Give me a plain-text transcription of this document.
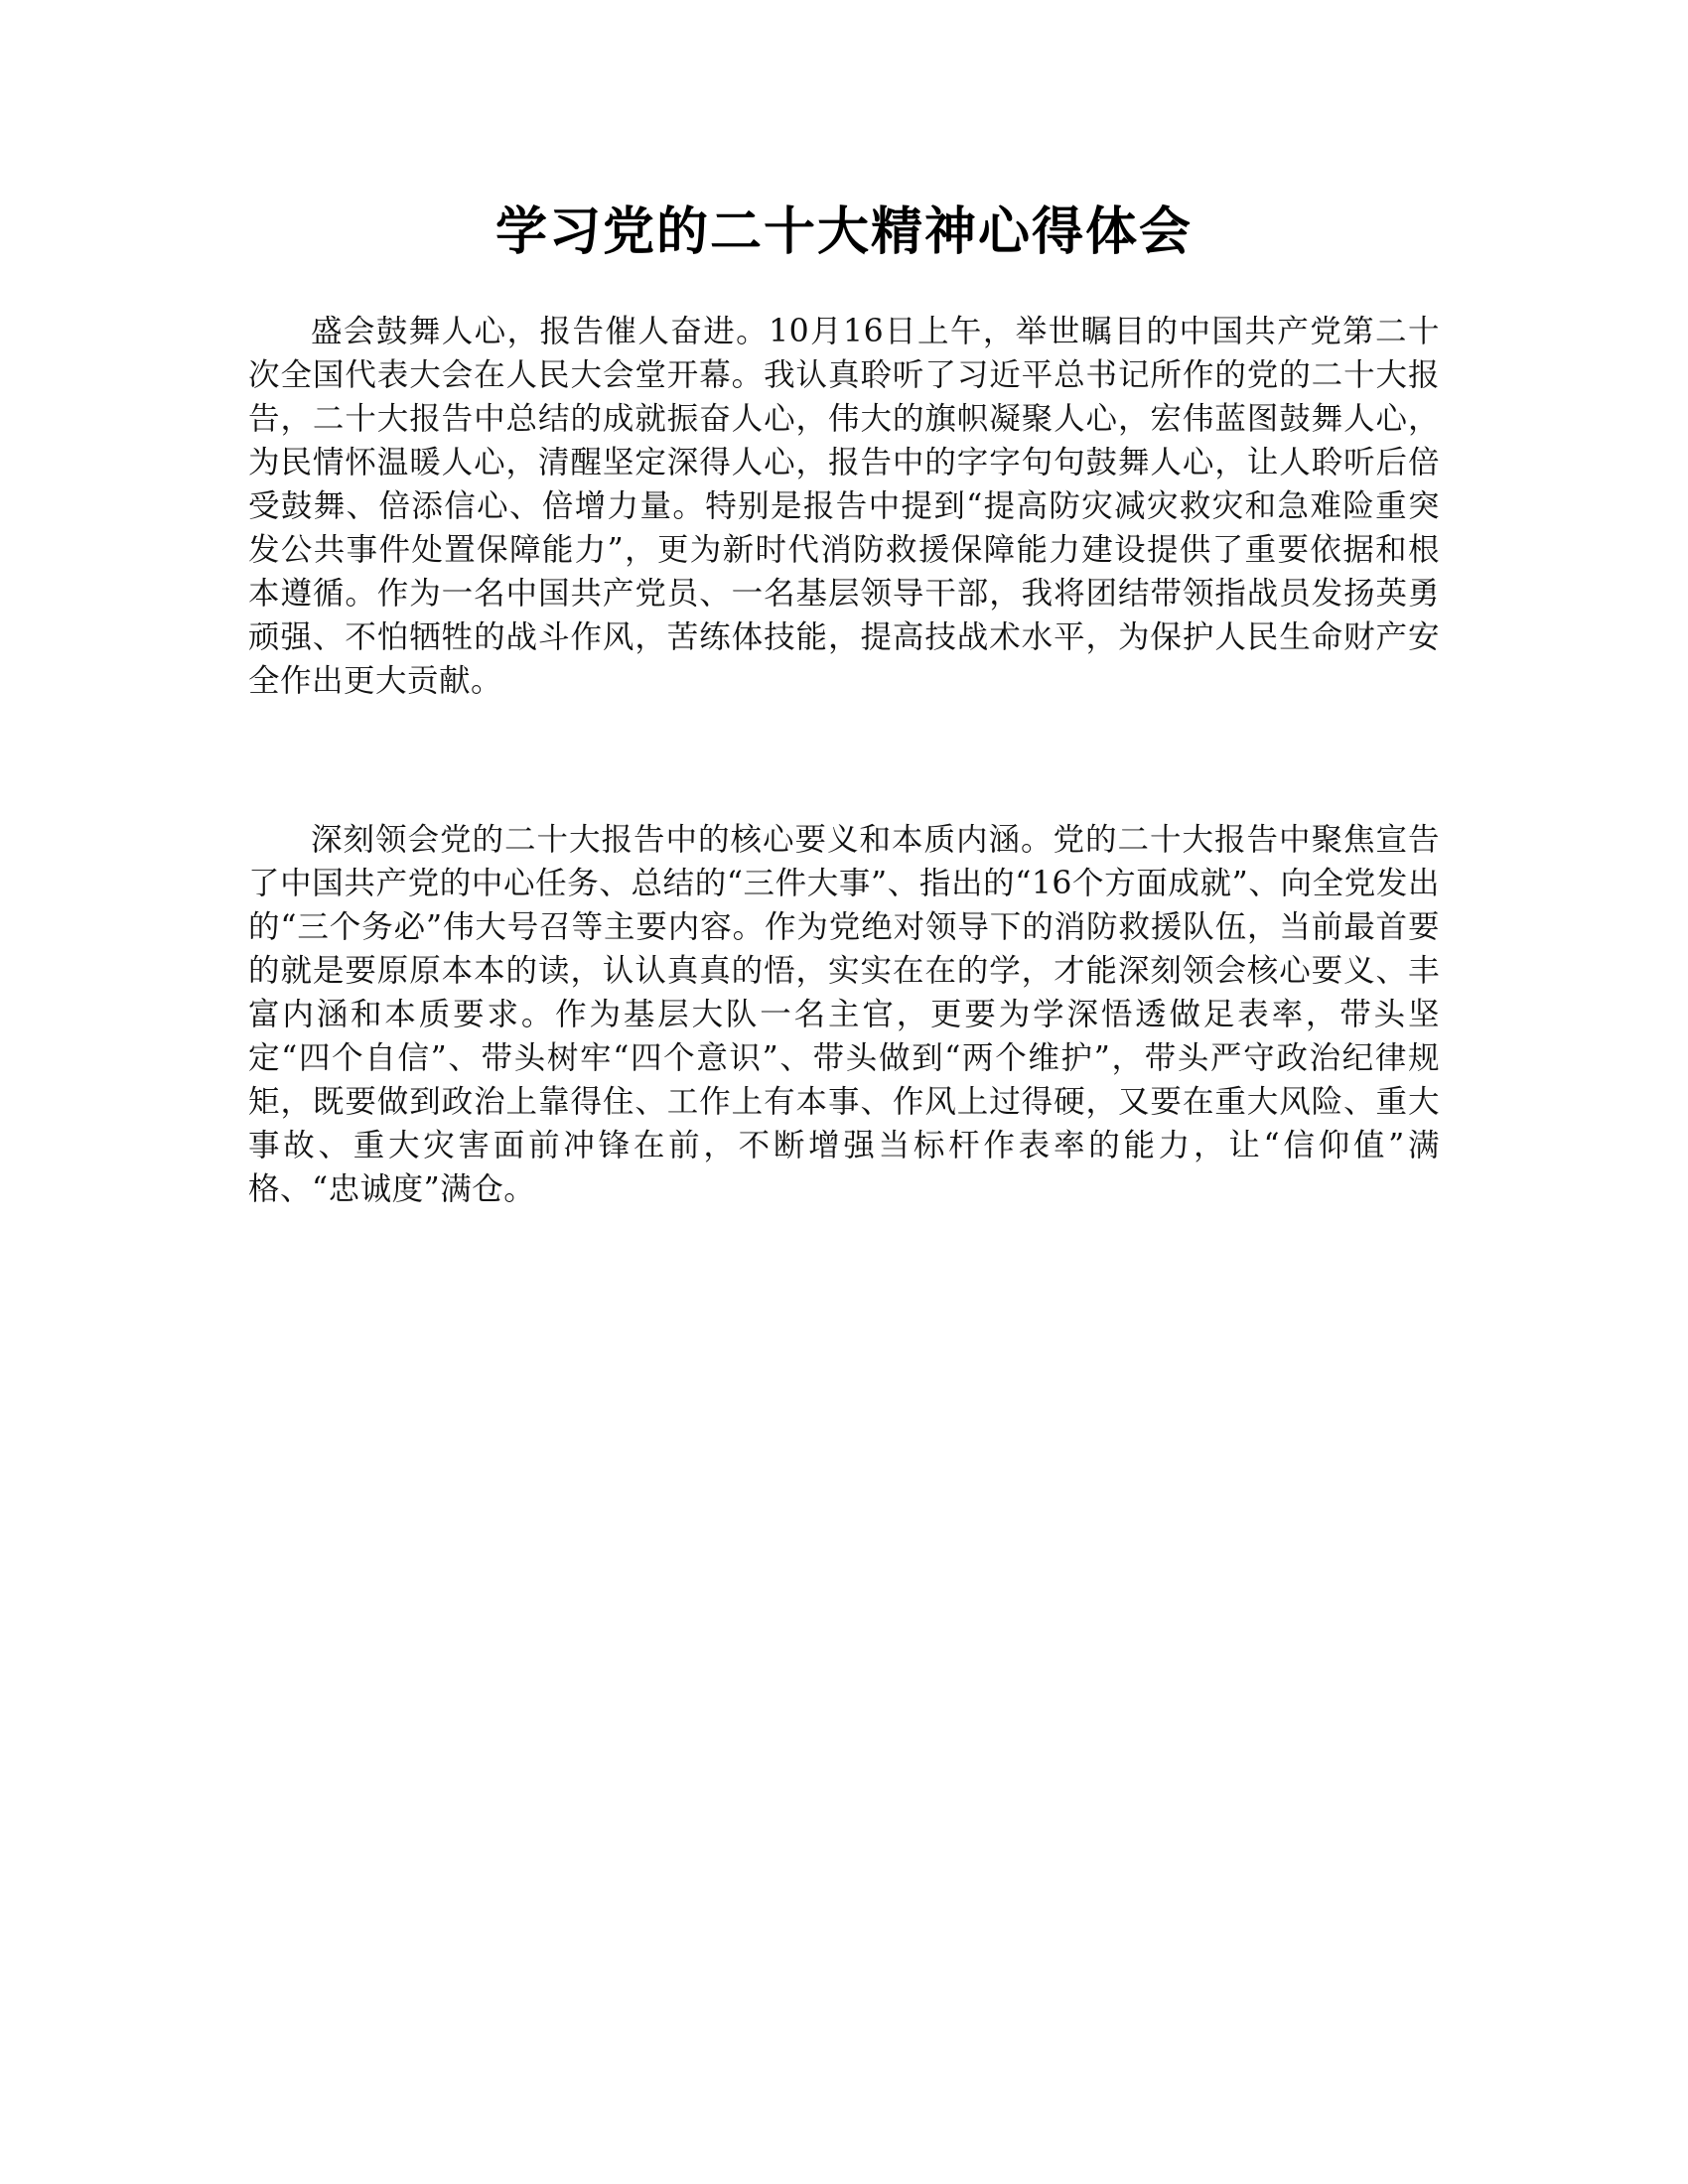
学习党的二十大精神心得体会

盛会鼓舞人心，报告催人奋进。10月16日上午，举世瞩目的中国共产党第二十次全国代表大会在人民大会堂开幕。我认真聆听了习近平总书记所作的党的二十大报告，二十大报告中总结的成就振奋人心，伟大的旗帜凝聚人心，宏伟蓝图鼓舞人心，为民情怀温暖人心，清醒坚定深得人心，报告中的字字句句鼓舞人心，让人聆听后倍受鼓舞、倍添信心、倍增力量。特别是报告中提到“提高防灾减灾救灾和急难险重突发公共事件处置保障能力”，更为新时代消防救援保障能力建设提供了重要依据和根本遵循。作为一名中国共产党员、一名基层领导干部，我将团结带领指战员发扬英勇顽强、不怕牺牲的战斗作风，苦练体技能，提高技战术水平，为保护人民生命财产安全作出更大贡献。

深刻领会党的二十大报告中的核心要义和本质内涵。党的二十大报告中聚焦宣告了中国共产党的中心任务、总结的“三件大事”、指出的“16个方面成就”、向全党发出的“三个务必”伟大号召等主要内容。作为党绝对领导下的消防救援队伍，当前最首要的就是要原原本本的读，认认真真的悟，实实在在的学，才能深刻领会核心要义、丰富内涵和本质要求。作为基层大队一名主官，更要为学深悟透做足表率，带头坚定“四个自信”、带头树牢“四个意识”、带头做到“两个维护”，带头严守政治纪律规矩，既要做到政治上靠得住、工作上有本事、作风上过得硬，又要在重大风险、重大事故、重大灾害面前冲锋在前，不断增强当标杆作表率的能力，让“信仰值”满格、“忠诚度”满仓。
